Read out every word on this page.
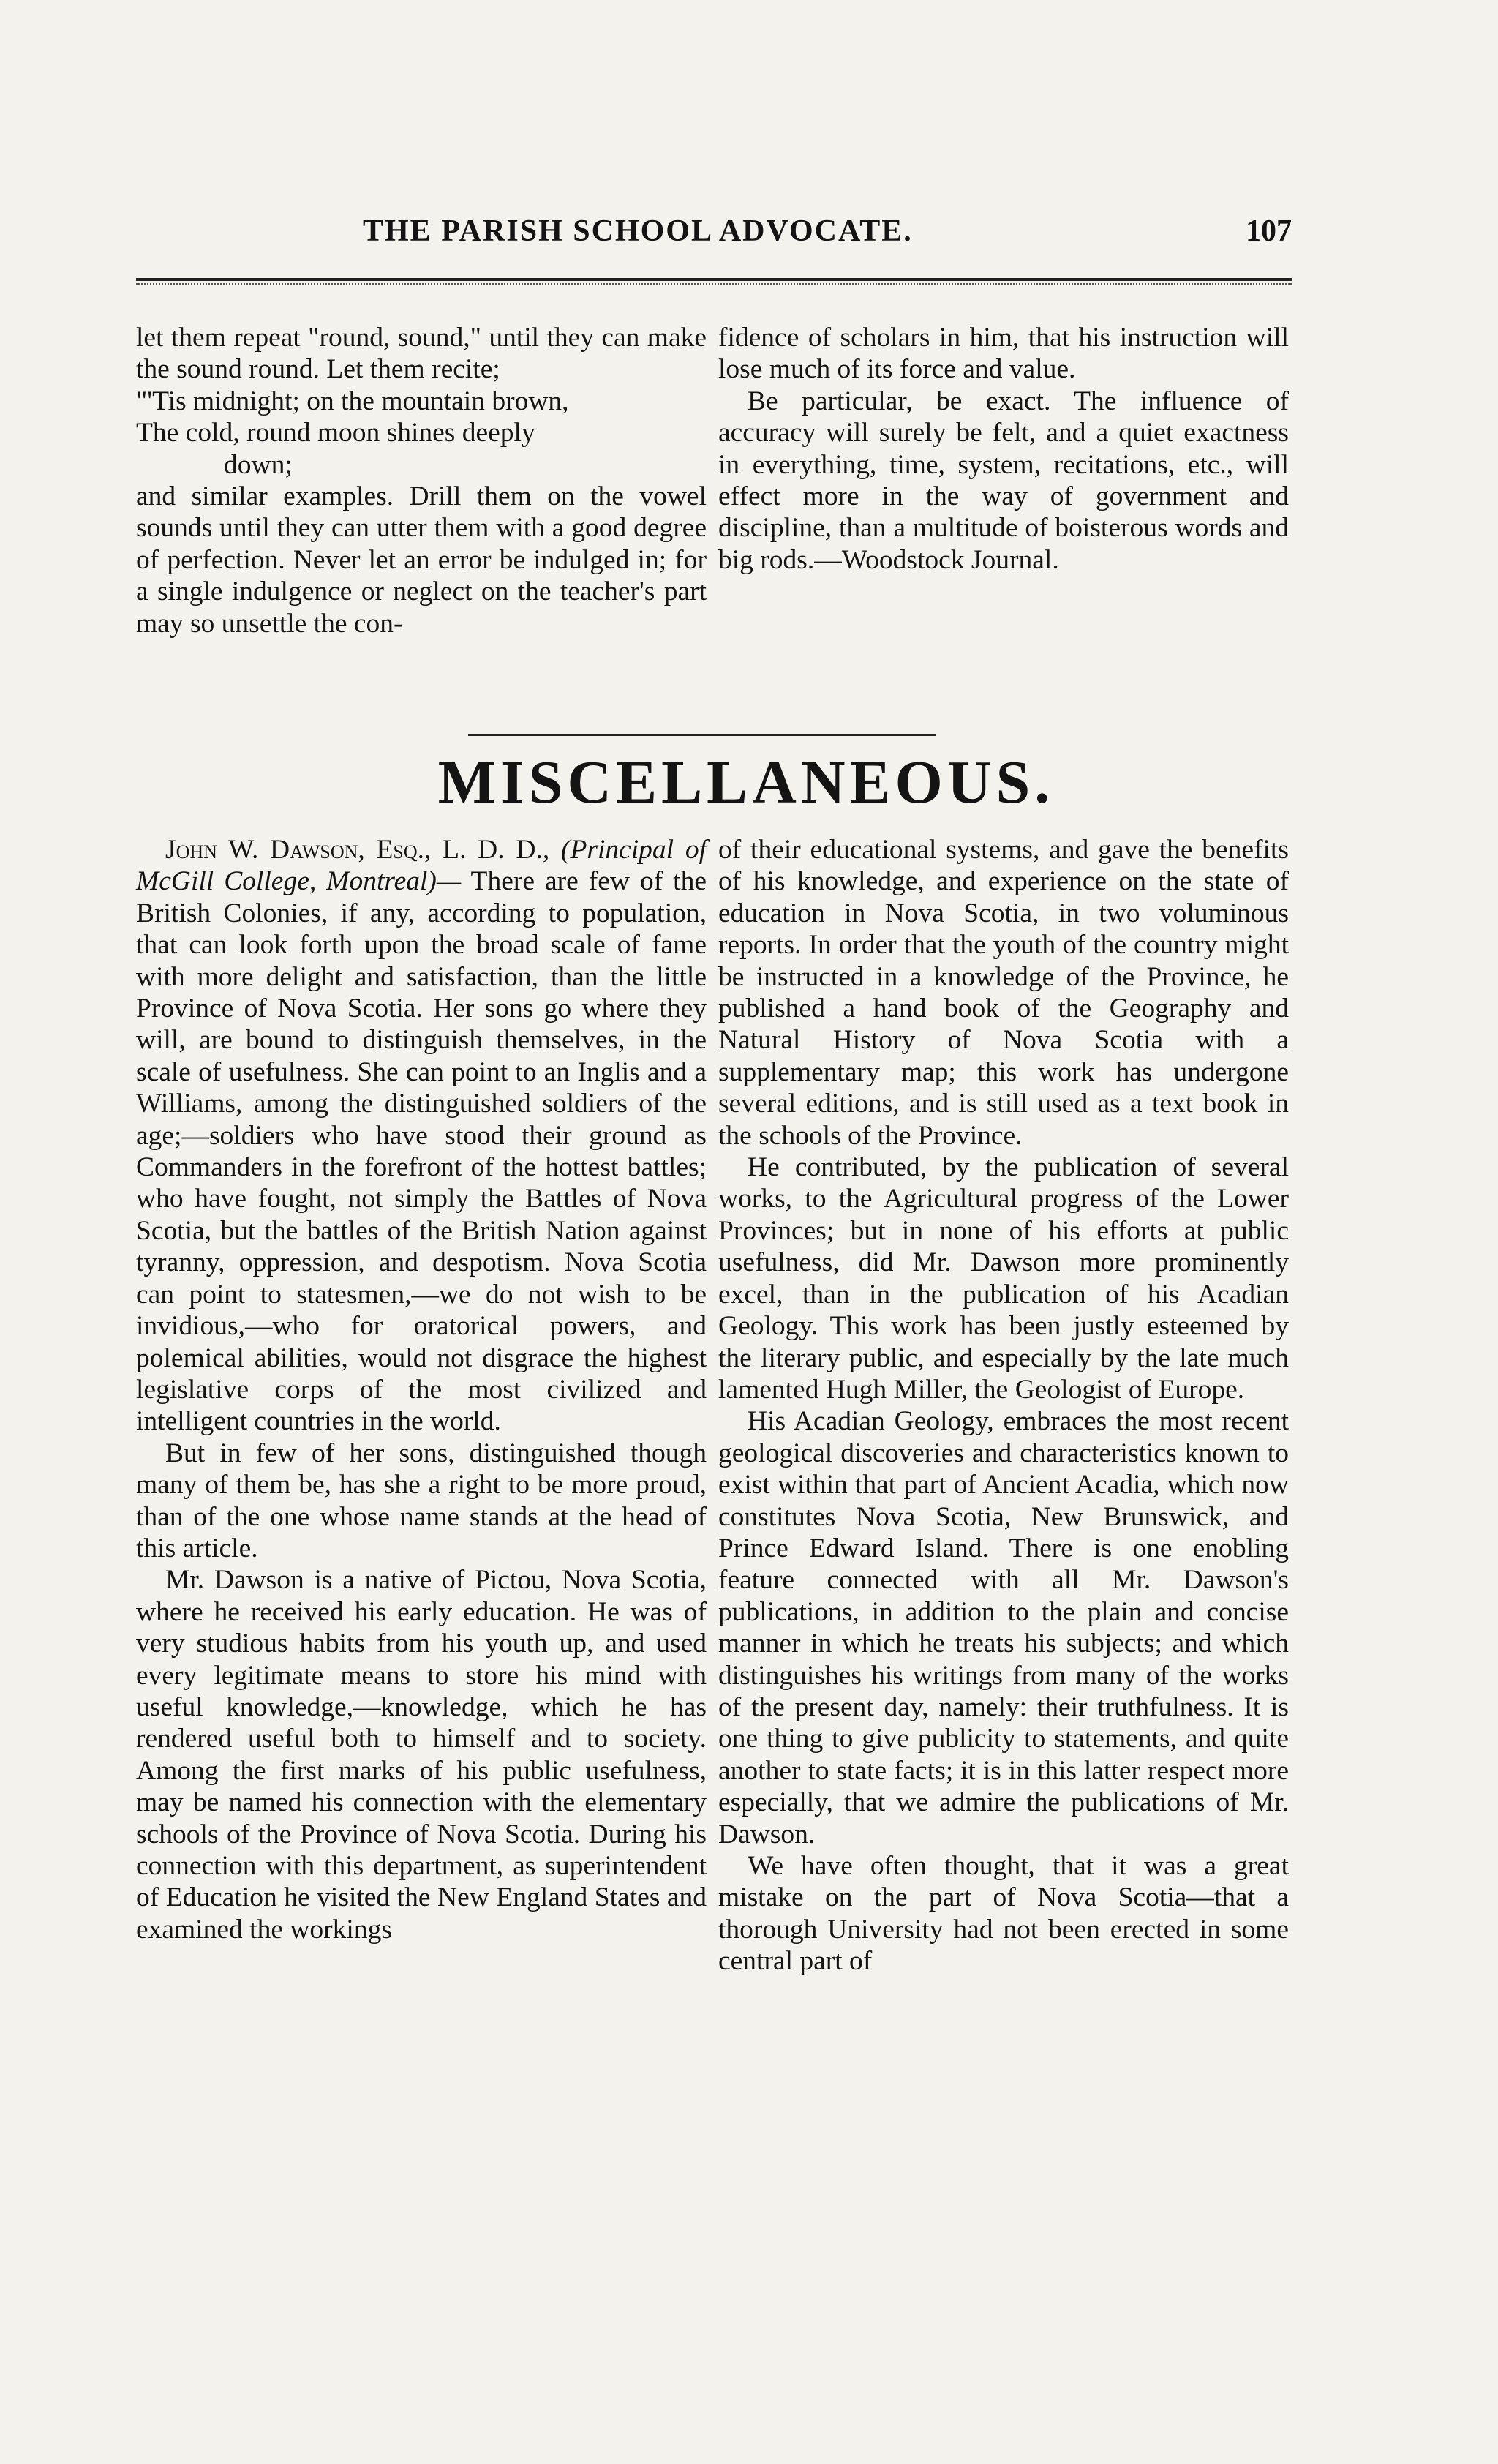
THE PARISH SCHOOL ADVOCATE.	107

let them repeat "round, sound," until they can make the sound round. Let them recite;

"'Tis midnight; on the mountain brown,

The cold, round moon shines deeply
down;

and similar examples. Drill them on the vowel sounds until they can utter them with a good degree of perfection. Never let an error be indulged in; for a single indulgence or neglect on the teacher's part may so unsettle the con-

fidence of scholars in him, that his instruction will lose much of its force and value.

Be particular, be exact. The influence of accuracy will surely be felt, and a quiet exactness in everything, time, system, recitations, etc., will effect more in the way of government and discipline, than a multitude of boisterous words and big rods.—Woodstock Journal.

MISCELLANEOUS.

John W. Dawson, Esq., L. D. D., (Principal of McGill College, Montreal)— There are few of the British Colonies, if any, according to population, that can look forth upon the broad scale of fame with more delight and satisfaction, than the little Province of Nova Scotia. Her sons go where they will, are bound to distinguish themselves, in the scale of usefulness. She can point to an Inglis and a Williams, among the distinguished soldiers of the age;—soldiers who have stood their ground as Commanders in the forefront of the hottest battles; who have fought, not simply the Battles of Nova Scotia, but the battles of the British Nation against tyranny, oppression, and despotism. Nova Scotia can point to statesmen,—we do not wish to be invidious,—who for oratorical powers, and polemical abilities, would not disgrace the highest legislative corps of the most civilized and intelligent countries in the world.

But in few of her sons, distinguished though many of them be, has she a right to be more proud, than of the one whose name stands at the head of this article.

Mr. Dawson is a native of Pictou, Nova Scotia, where he received his early education. He was of very studious habits from his youth up, and used every legitimate means to store his mind with useful knowledge,—knowledge, which he has rendered useful both to himself and to society. Among the first marks of his public usefulness, may be named his connection with the elementary schools of the Province of Nova Scotia. During his connection with this department, as superintendent of Education he visited the New England States and examined the workings

of their educational systems, and gave the benefits of his knowledge, and experience on the state of education in Nova Scotia, in two voluminous reports. In order that the youth of the country might be instructed in a knowledge of the Province, he published a hand book of the Geography and Natural History of Nova Scotia with a supplementary map; this work has undergone several editions, and is still used as a text book in the schools of the Province.

He contributed, by the publication of several works, to the Agricultural progress of the Lower Provinces; but in none of his efforts at public usefulness, did Mr. Dawson more prominently excel, than in the publication of his Acadian Geology. This work has been justly esteemed by the literary public, and especially by the late much lamented Hugh Miller, the Geologist of Europe.

His Acadian Geology, embraces the most recent geological discoveries and characteristics known to exist within that part of Ancient Acadia, which now constitutes Nova Scotia, New Brunswick, and Prince Edward Island. There is one enobling feature connected with all Mr. Dawson's publications, in addition to the plain and concise manner in which he treats his subjects; and which distinguishes his writings from many of the works of the present day, namely: their truthfulness. It is one thing to give publicity to statements, and quite another to state facts; it is in this latter respect more especially, that we admire the publications of Mr. Dawson.

We have often thought, that it was a great mistake on the part of Nova Scotia—that a thorough University had not been erected in some central part of
